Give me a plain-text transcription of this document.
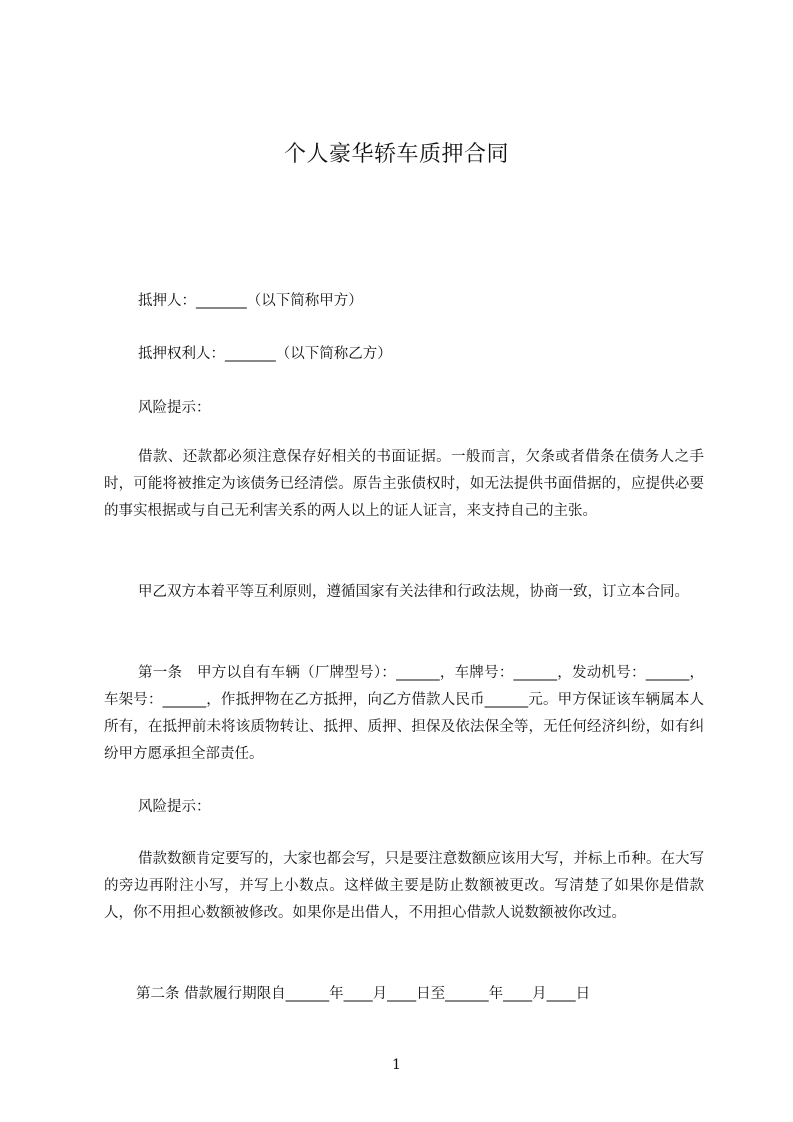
个人豪华轿车质押合同
抵押人：_______（以下简称甲方）
抵押权利人：_______（以下简称乙方）
风险提示：
借款、还款都必须注意保存好相关的书面证据。一般而言，欠条或者借条在债务人之手时，可能将被推定为该债务已经清偿。原告主张债权时，如无法提供书面借据的，应提供必要的事实根据或与自己无利害关系的两人以上的证人证言，来支持自己的主张。
甲乙双方本着平等互利原则，遵循国家有关法律和行政法规，协商一致，订立本合同。
第一条　甲方以自有车辆（厂牌型号）：______，车牌号：______，发动机号：______，车架号：______，作抵押物在乙方抵押，向乙方借款人民币______元。甲方保证该车辆属本人所有，在抵押前未将该质物转让、抵押、质押、担保及依法保全等，无任何经济纠纷，如有纠纷甲方愿承担全部责任。
风险提示：
借款数额肯定要写的，大家也都会写，只是要注意数额应该用大写，并标上币种。在大写的旁边再附注小写，并写上小数点。这样做主要是防止数额被更改。写清楚了如果你是借款人，你不用担心数额被修改。如果你是出借人，不用担心借款人说数额被你改过。
第二条 借款履行期限自______年____月____日至______年____月____日
1
